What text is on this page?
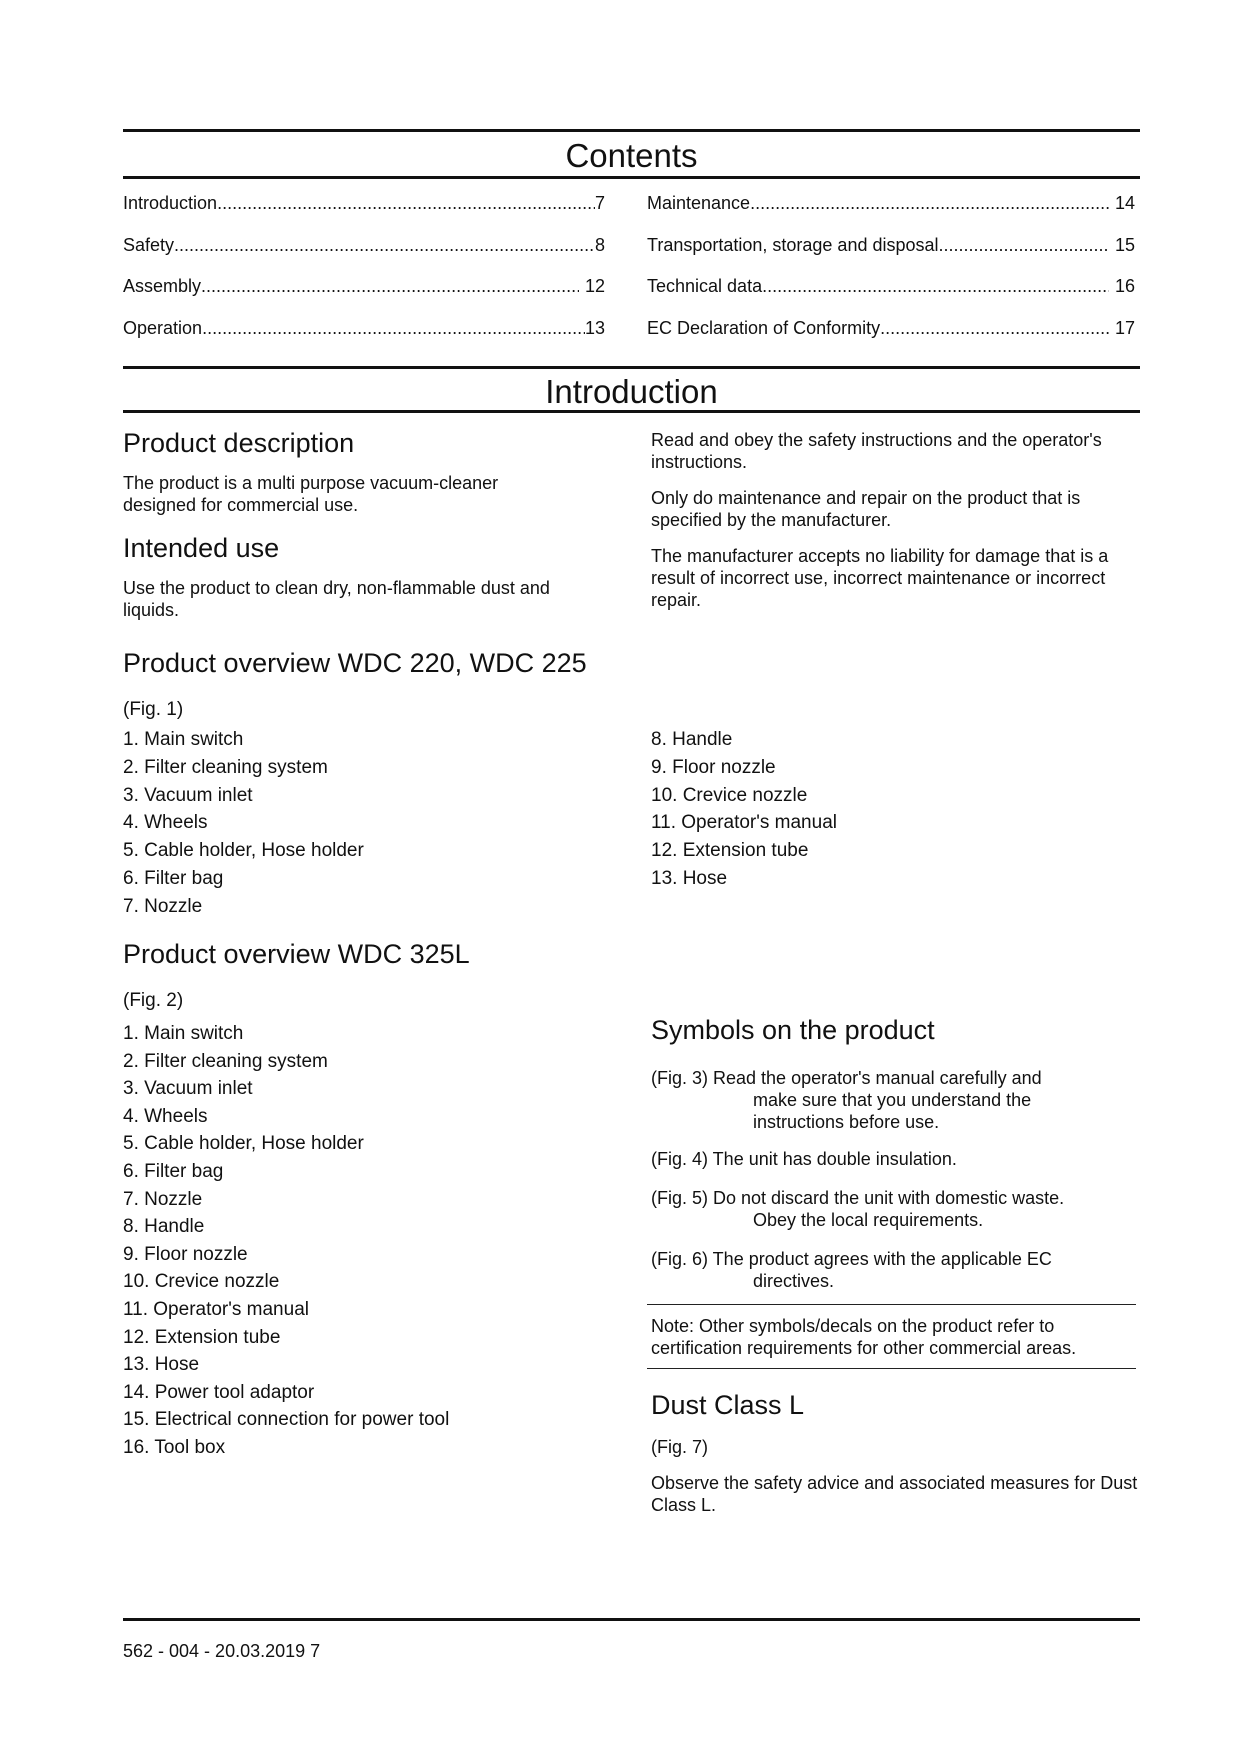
Contents
Introduction .....	7
Safety .....	8
Assembly .....	12
Operation .....	13
Maintenance .....	14
Transportation, storage and disposal .....	15
Technical data .....	16
EC Declaration of Conformity .....	17
Introduction
Product description

The product is a multi purpose vacuum-cleaner designed for commercial use.

Intended use

Use the product to clean dry, non-flammable dust and liquids.

Read and obey the safety instructions and the operator's instructions.

Only do maintenance and repair on the product that is specified by the manufacturer.

The manufacturer accepts no liability for damage that is a result of incorrect use, incorrect maintenance or incorrect repair.

Product overview WDC 220, WDC 225
(Fig. 1)
1. Main switch
2. Filter cleaning system
3. Vacuum inlet
4. Wheels
5. Cable holder, Hose holder
6. Filter bag
7. Nozzle
8. Handle
9. Floor nozzle
10. Crevice nozzle
11. Operator's manual
12. Extension tube
13. Hose
Product overview WDC 325L
(Fig. 2)
1. Main switch
2. Filter cleaning system
3. Vacuum inlet
4. Wheels
5. Cable holder, Hose holder
6. Filter bag
7. Nozzle
8. Handle
9. Floor nozzle
10. Crevice nozzle
11. Operator's manual
12. Extension tube
13. Hose
14. Power tool adaptor
15. Electrical connection for power tool
16. Tool box
Symbols on the product
(Fig. 3) Read the operator's manual carefully and
make sure that you understand the
instructions before use.
(Fig. 4) The unit has double insulation.
(Fig. 5) Do not discard the unit with domestic waste.
Obey the local requirements.
(Fig. 6) The product agrees with the applicable EC
directives.
Note: Other symbols/decals on the product refer to certification requirements for other commercial areas.
Dust Class L
(Fig. 7)

Observe the safety advice and associated measures for Dust Class L.

562 - 004 - 20.03.2019 7
